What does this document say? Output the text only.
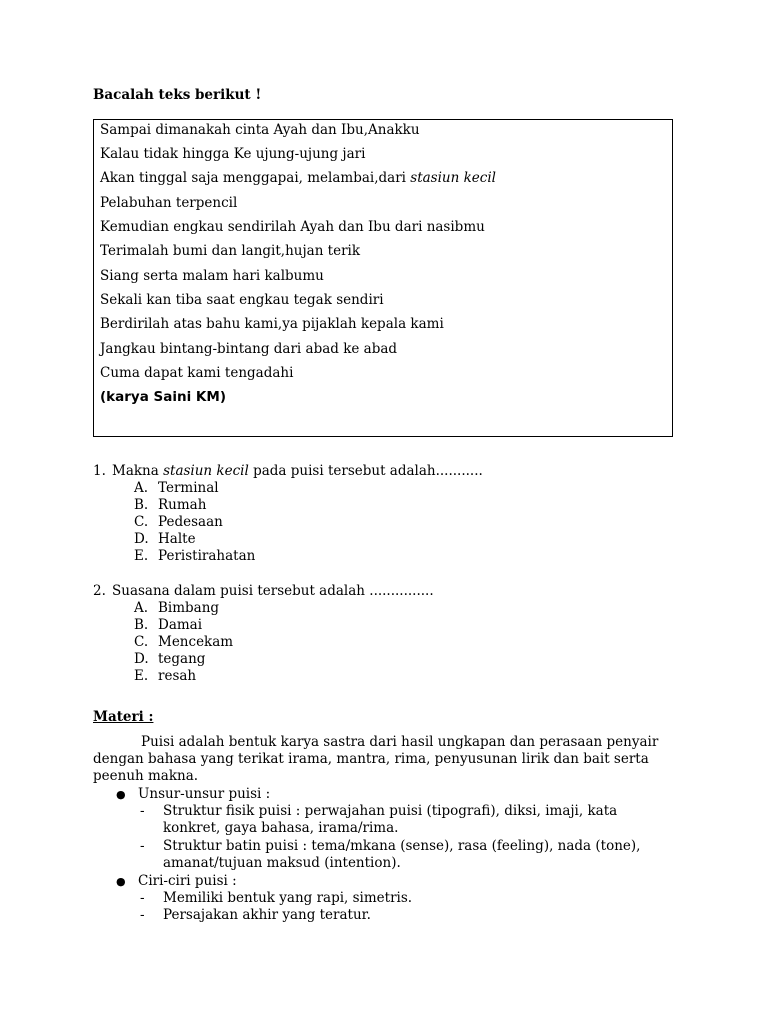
Bacalah teks berikut !
Sampai dimanakah cinta Ayah dan Ibu,Anakku
Kalau tidak hingga Ke ujung-ujung jari
Akan tinggal saja menggapai, melambai,dari stasiun kecil
Pelabuhan terpencil
Kemudian engkau sendirilah Ayah dan Ibu dari nasibmu
Terimalah bumi dan langit,hujan terik
Siang serta malam hari kalbumu
Sekali kan tiba saat engkau tegak sendiri
Berdirilah atas bahu kami,ya pijaklah kepala kami
Jangkau bintang-bintang dari abad ke abad
Cuma dapat kami tengadahi
(karya Saini KM)
1. Makna stasiun kecil pada puisi tersebut adalah...........
A. Terminal
B. Rumah
C. Pedesaan
D. Halte
E. Peristirahatan
2. Suasana dalam puisi tersebut adalah ...............
A. Bimbang
B. Damai
C. Mencekam
D. tegang
E. resah
Materi :
Puisi adalah bentuk karya sastra dari hasil ungkapan dan perasaan penyair dengan bahasa yang terikat irama, mantra, rima, penyusunan lirik dan bait serta peenuh makna.
● Unsur-unsur puisi :
- Struktur fisik puisi : perwajahan puisi (tipografi), diksi, imaji, kata konkret, gaya bahasa, irama/rima.
- Struktur batin puisi : tema/mkana (sense), rasa (feeling), nada (tone), amanat/tujuan maksud (intention).
● Ciri-ciri puisi :
- Memiliki bentuk yang rapi, simetris.
- Persajakan akhir yang teratur.
